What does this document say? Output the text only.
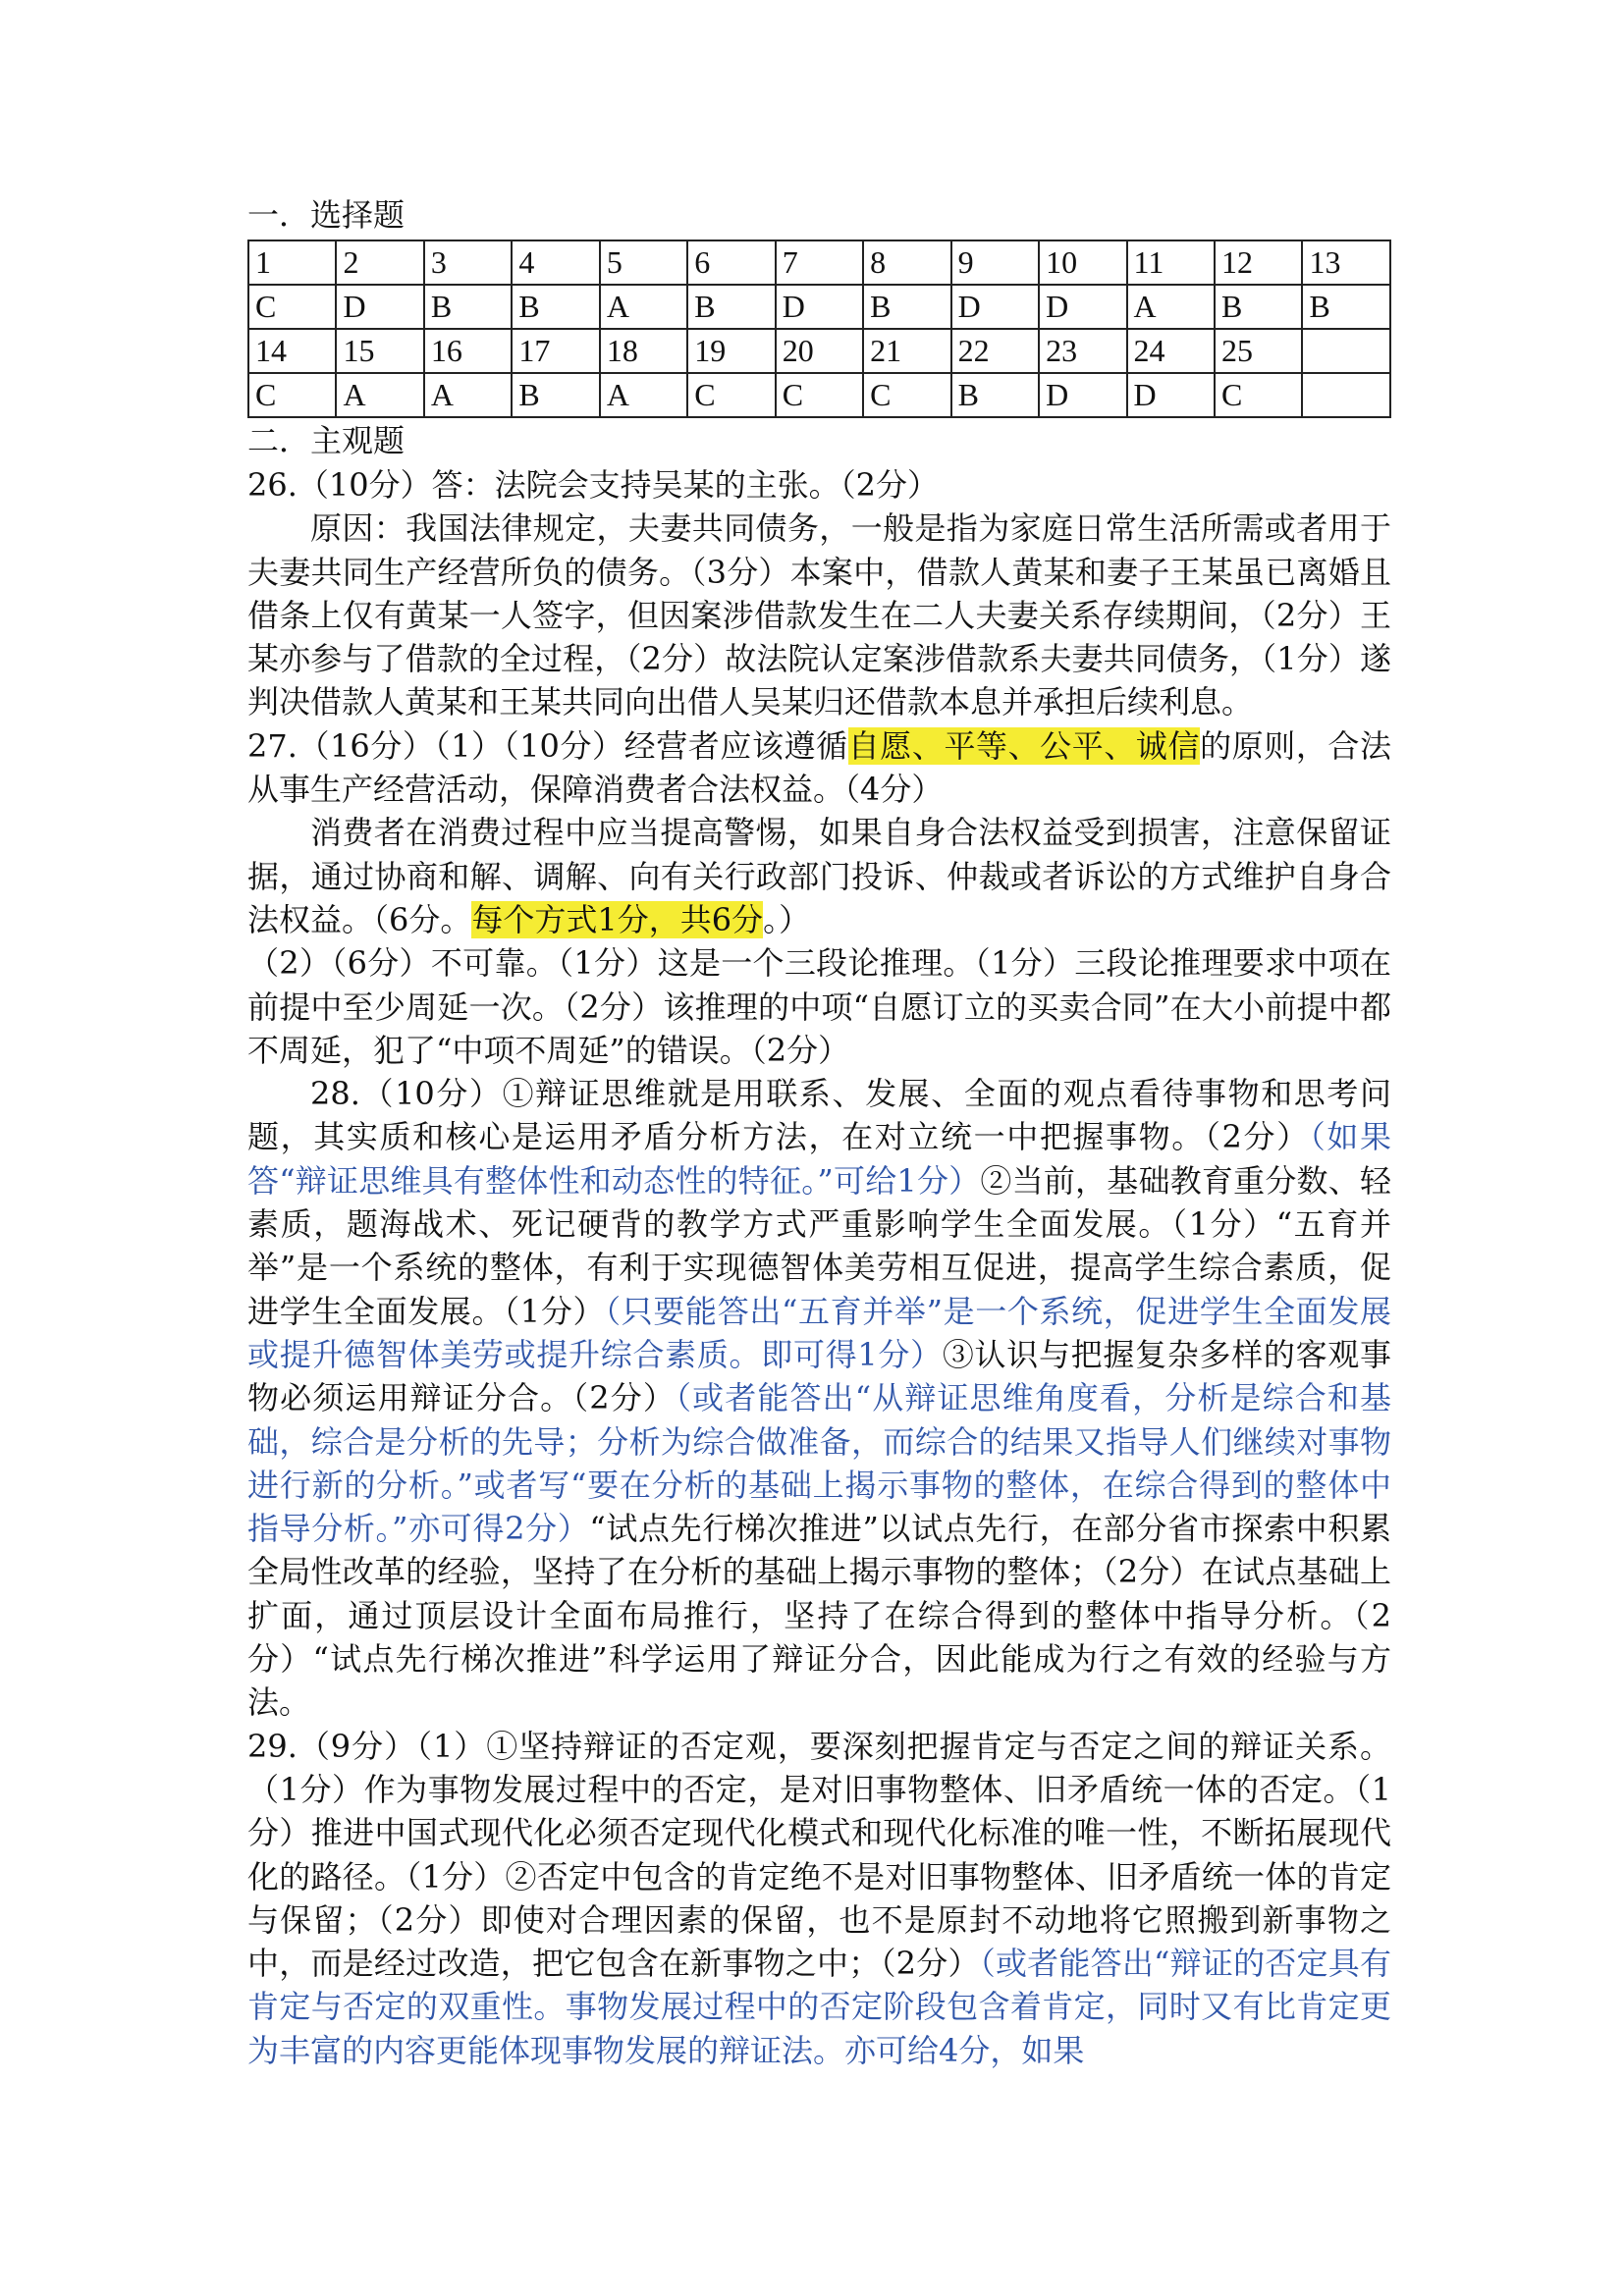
一．选择题
1	2	3	4	5	6	7	8	9	10	11	12	13
C	D	B	B	A	B	D	B	D	D	A	B	B
14	15	16	17	18	19	20	21	22	23	24	25	
C	A	A	B	A	C	C	C	B	D	D	C	
二．主观题

26.（10分）答：法院会支持吴某的主张。（2分）

原因：我国法律规定，夫妻共同债务，一般是指为家庭日常生活所需或者用于夫妻共同生产经营所负的债务。（3分）本案中，借款人黄某和妻子王某虽已离婚且借条上仅有黄某一人签字，但因案涉借款发生在二人夫妻关系存续期间，（2分）王某亦参与了借款的全过程，（2分）故法院认定案涉借款系夫妻共同债务，（1分）遂判决借款人黄某和王某共同向出借人吴某归还借款本息并承担后续利息。

27.（16分）（1）（10分）经营者应该遵循自愿、平等、公平、诚信的原则，合法从事生产经营活动，保障消费者合法权益。（4分）

消费者在消费过程中应当提高警惕，如果自身合法权益受到损害，注意保留证据，通过协商和解、调解、向有关行政部门投诉、仲裁或者诉讼的方式维护自身合法权益。（6分。每个方式1分，共6分。）

（2）（6分）不可靠。（1分）这是一个三段论推理。（1分）三段论推理要求中项在前提中至少周延一次。（2分）该推理的中项“自愿订立的买卖合同”在大小前提中都不周延，犯了“中项不周延”的错误。（2分）

28.（10分）①辩证思维就是用联系、发展、全面的观点看待事物和思考问题，其实质和核心是运用矛盾分析方法，在对立统一中把握事物。（2分）（如果答“辩证思维具有整体性和动态性的特征。”可给1分）②当前，基础教育重分数、轻素质，题海战术、死记硬背的教学方式严重影响学生全面发展。（1分）“五育并举”是一个系统的整体，有利于实现德智体美劳相互促进，提高学生综合素质，促进学生全面发展。（1分）（只要能答出“五育并举”是一个系统，促进学生全面发展或提升德智体美劳或提升综合素质。即可得1分）③认识与把握复杂多样的客观事物必须运用辩证分合。（2分）（或者能答出“从辩证思维角度看，分析是综合和基础，综合是分析的先导；分析为综合做准备，而综合的结果又指导人们继续对事物进行新的分析。”或者写“要在分析的基础上揭示事物的整体，在综合得到的整体中指导分析。”亦可得2分）“试点先行梯次推进”以试点先行，在部分省市探索中积累全局性改革的经验，坚持了在分析的基础上揭示事物的整体；（2分）在试点基础上扩面，通过顶层设计全面布局推行，坚持了在综合得到的整体中指导分析。（2分）“试点先行梯次推进”科学运用了辩证分合，因此能成为行之有效的经验与方法。

29.（9分）（1）①坚持辩证的否定观，要深刻把握肯定与否定之间的辩证关系。（1分）作为事物发展过程中的否定，是对旧事物整体、旧矛盾统一体的否定。（1分）推进中国式现代化必须否定现代化模式和现代化标准的唯一性，不断拓展现代化的路径。（1分）②否定中包含的肯定绝不是对旧事物整体、旧矛盾统一体的肯定与保留；（2分）即使对合理因素的保留，也不是原封不动地将它照搬到新事物之中，而是经过改造，把它包含在新事物之中；（2分）（或者能答出“辩证的否定具有肯定与否定的双重性。事物发展过程中的否定阶段包含着肯定，同时又有比肯定更为丰富的内容更能体现事物发展的辩证法。亦可给4分，如果
